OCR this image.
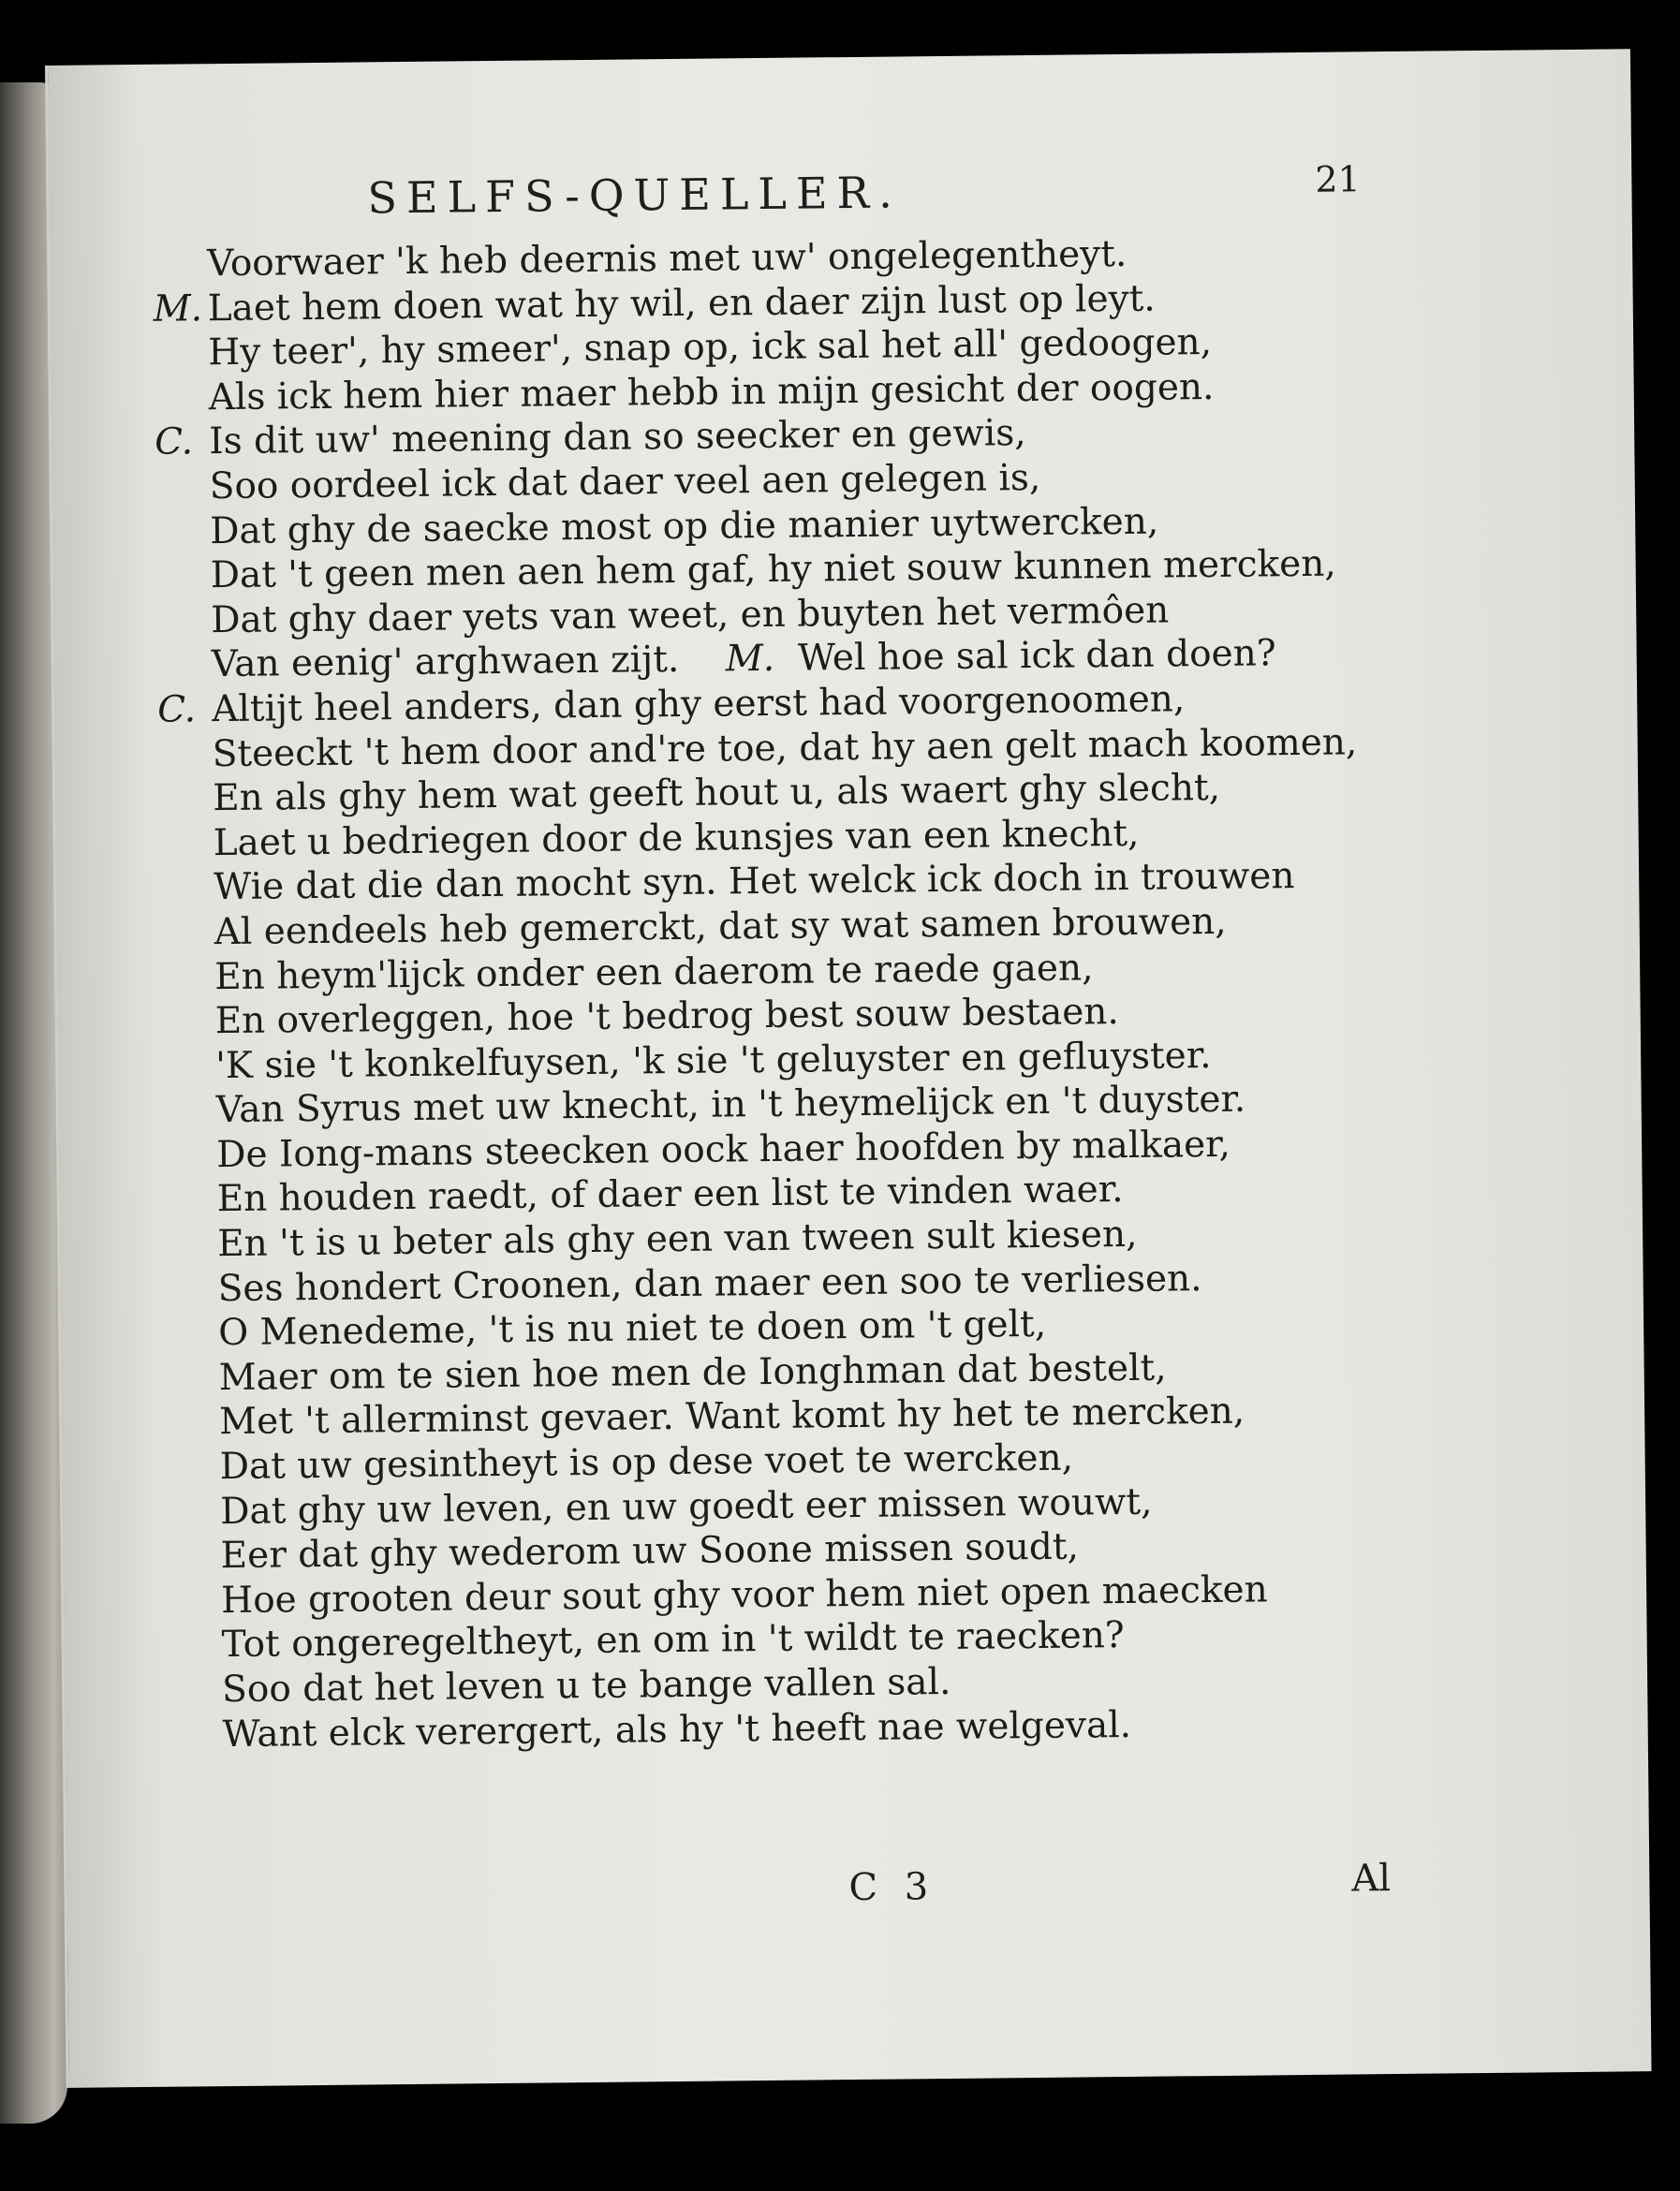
SELFS-QUELLER.	21
Voorwaer 'k heb deernis met uw' ongelegentheyt.
M. Laet hem doen wat hy wil, en daer zijn lust op leyt.
Hy teer', hy smeer', snap op, ick sal het all' gedoogen,
Als ick hem hier maer hebb in mijn gesicht der oogen.
C. Is dit uw' meening dan so seecker en gewis,
Soo oordeel ick dat daer veel aen gelegen is,
Dat ghy de saecke most op die manier uytwercken,
Dat 't geen men aen hem gaf, hy niet souw kunnen mercken,
Dat ghy daer yets van weet, en buyten het vermôen
Van eenig' arghwaen zijt. M. Wel hoe sal ick dan doen?
C. Altijt heel anders, dan ghy eerst had voorgenoomen,
Steeckt 't hem door and're toe, dat hy aen gelt mach koomen,
En als ghy hem wat geeft hout u, als waert ghy slecht,
Laet u bedriegen door de kunsjes van een knecht,
Wie dat die dan mocht syn. Het welck ick doch in trouwen
Al eendeels heb gemerckt, dat sy wat samen brouwen,
En heym'lijck onder een daerom te raede gaen,
En overleggen, hoe 't bedrog best souw bestaen.
'K sie 't konkelfuysen, 'k sie 't geluyster en gefluyster.
Van Syrus met uw knecht, in 't heymelijck en 't duyster.
De Iong-mans steecken oock haer hoofden by malkaer,
En houden raedt, of daer een list te vinden waer.
En 't is u beter als ghy een van tween sult kiesen,
Ses hondert Croonen, dan maer een soo te verliesen.
O Menedeme, 't is nu niet te doen om 't gelt,
Maer om te sien hoe men de Ionghman dat bestelt,
Met 't allerminst gevaer. Want komt hy het te mercken,
Dat uw gesintheyt is op dese voet te wercken,
Dat ghy uw leven, en uw goedt eer missen wouwt,
Eer dat ghy wederom uw Soone missen soudt,
Hoe grooten deur sout ghy voor hem niet open maecken
Tot ongeregeltheyt, en om in 't wildt te raecken?
Soo dat het leven u te bange vallen sal.
Want elck verergert, als hy 't heeft nae welgeval.
C 3	Al
